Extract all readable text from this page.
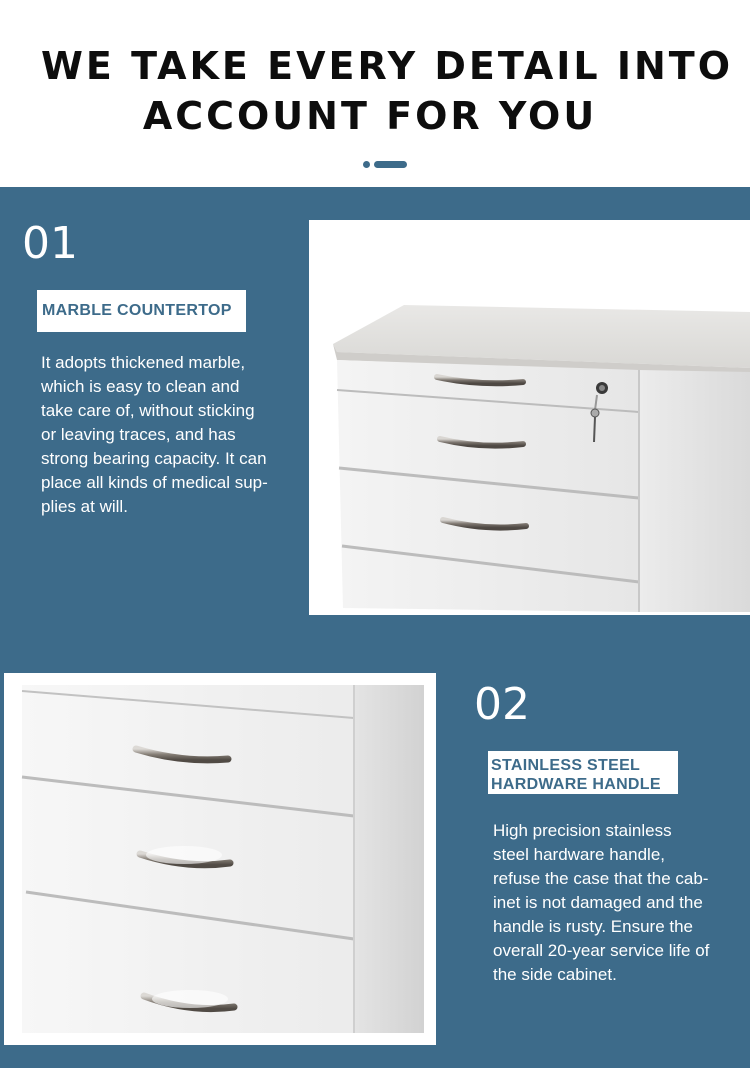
WE TAKE EVERY DETAIL INTO
ACCOUNT FOR YOU
01
MARBLE COUNTERTOP
It adopts thickened marble,
which is easy to clean and
take care of, without sticking
or leaving traces, and has
strong bearing capacity. It can
place all kinds of medical sup-
plies at will.
02
STAINLESS STEEL
HARDWARE HANDLE
High precision stainless
steel hardware handle,
refuse the case that the cab-
inet is not damaged and the
handle is rusty. Ensure the
overall 20-year service life of
the side cabinet.
